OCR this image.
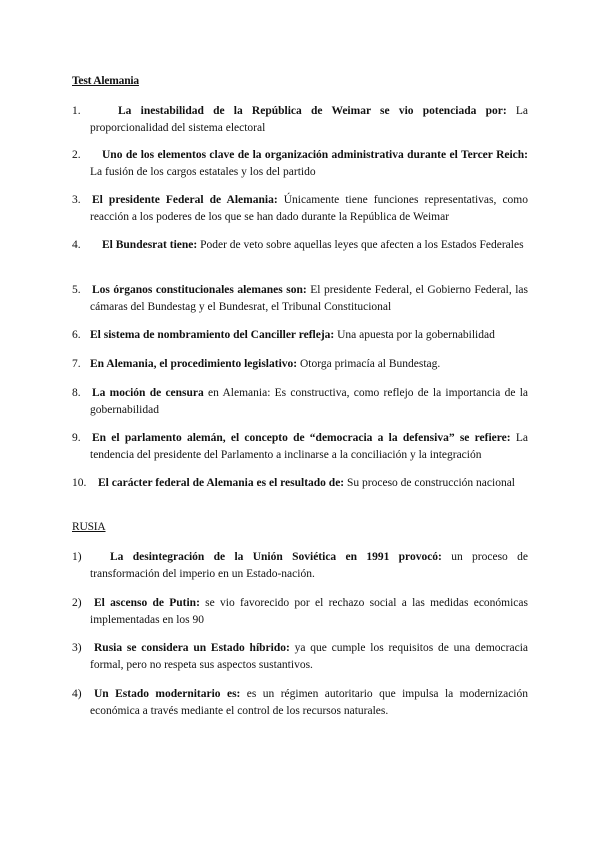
Test Alemania
1.	La inestabilidad de la República de Weimar se vio potenciada por: La proporcionalidad del sistema electoral
2.	Uno de los elementos clave de la organización administrativa durante el Tercer Reich: La fusión de los cargos estatales y los del partido
3. El presidente Federal de Alemania: Únicamente tiene funciones representativas, como reacción a los poderes de los que se han dado durante la República de Weimar
4.	El Bundesrat tiene: Poder de veto sobre aquellas leyes que afecten a los Estados Federales
5. Los órganos constitucionales alemanes son: El presidente Federal, el Gobierno Federal, las cámaras del Bundestag y el Bundesrat, el Tribunal Constitucional
6. El sistema de nombramiento del Canciller refleja: Una apuesta por la gobernabilidad
7. En Alemania, el procedimiento legislativo: Otorga primacía al Bundestag.
8. La moción de censura en Alemania: Es constructiva, como reflejo de la importancia de la gobernabilidad
9. En el parlamento alemán, el concepto de “democracia a la defensiva” se refiere: La tendencia del presidente del Parlamento a inclinarse a la conciliación y la integración
10.	El carácter federal de Alemania es el resultado de: Su proceso de construcción nacional
RUSIA
1)	La desintegración de la Unión Soviética en 1991 provocó: un proceso de transformación del imperio en un Estado-nación.
2)	El ascenso de Putin: se vio favorecido por el rechazo social a las medidas económicas implementadas en los 90
3)	Rusia se considera un Estado híbrido: ya que cumple los requisitos de una democracia formal, pero no respeta sus aspectos sustantivos.
4)	Un Estado modernitario es: es un régimen autoritario que impulsa la modernización económica a través mediante el control de los recursos naturales.
